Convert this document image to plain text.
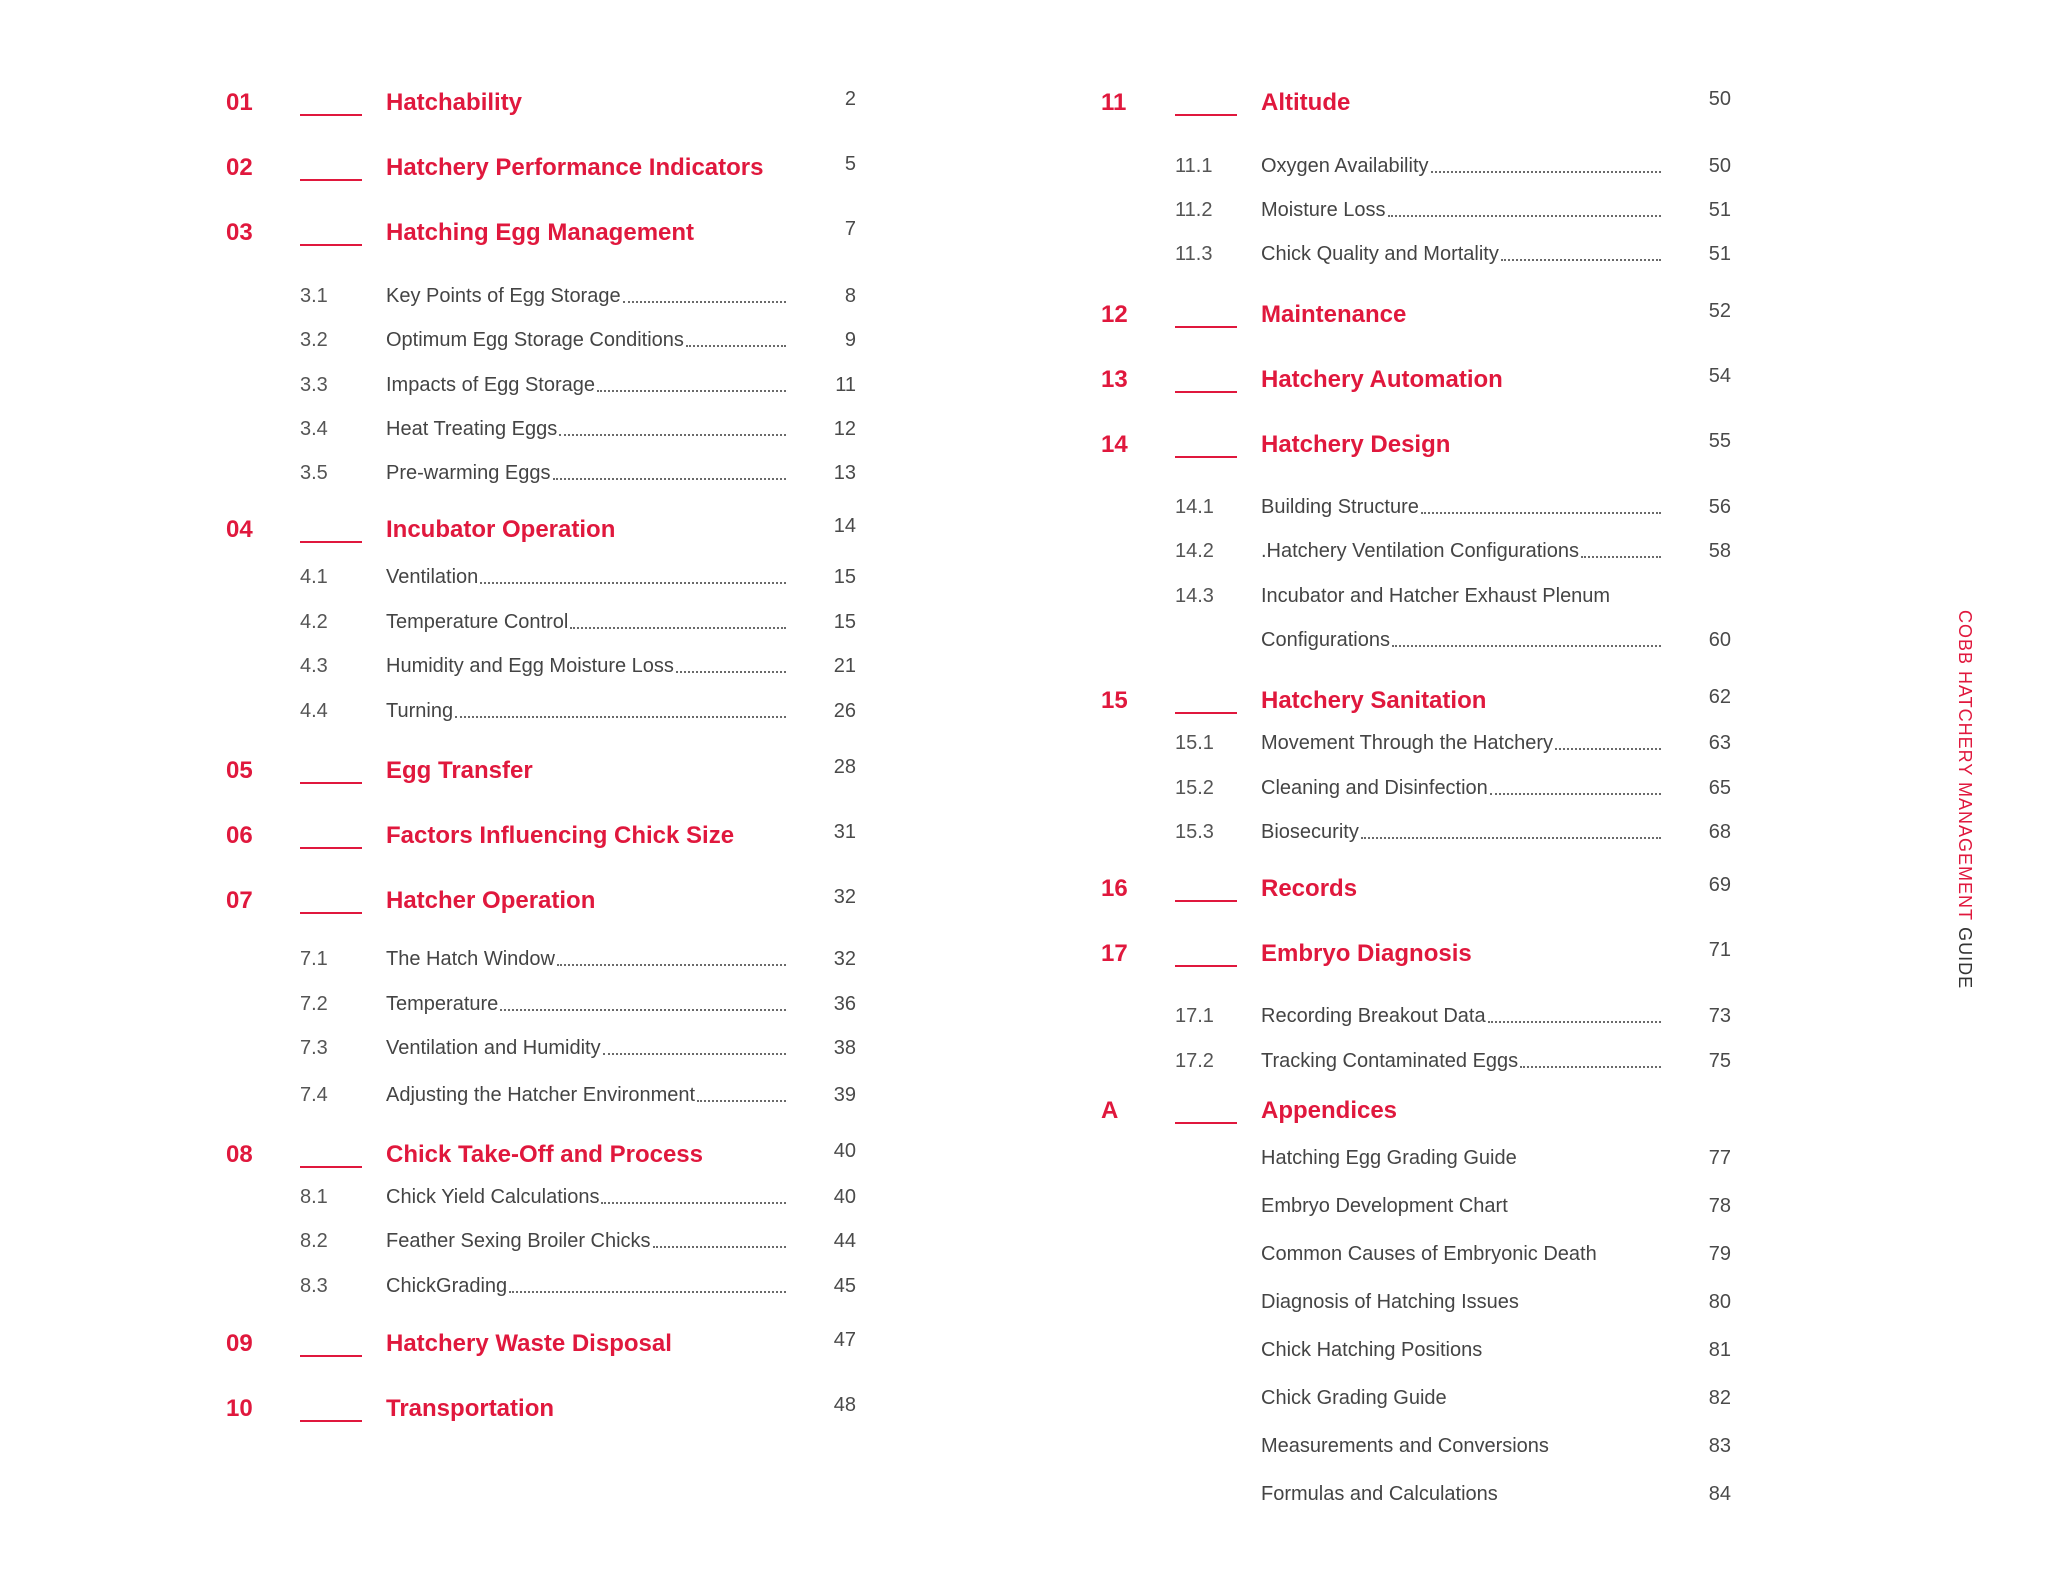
01	Hatchability	2
02	Hatchery Performance Indicators	5
03	Hatching Egg Management	7
3.1	Key Points of Egg Storage	8
3.2	Optimum Egg Storage Conditions	9
3.3	Impacts of Egg Storage	11
3.4	Heat Treating Eggs	12
3.5	Pre-warming Eggs	13
04	Incubator Operation	14
4.1	Ventilation	15
4.2	Temperature Control	15
4.3	Humidity and Egg Moisture Loss	21
4.4	Turning	26
05	Egg Transfer	28
06	Factors Influencing Chick Size	31
07	Hatcher Operation	32
7.1	The Hatch Window	32
7.2	Temperature	36
7.3	Ventilation and Humidity	38
7.4	Adjusting the Hatcher Environment	39
08	Chick Take-Off and Process	40
8.1	Chick Yield Calculations	40
8.2	Feather Sexing Broiler Chicks	44
8.3	ChickGrading	45
09	Hatchery Waste Disposal	47
10	Transportation	48
11	Altitude	50
11.1 Oxygen Availability	50
11.2 Moisture Loss	51
11.3 Chick Quality and Mortality	51
12	Maintenance	52
13	Hatchery Automation	54
14	Hatchery Design	55
14.1 Building Structure	56
14.2 .Hatchery Ventilation Configurations	58
14.3 Incubator and Hatcher Exhaust Plenum
Configurations	60
15	Hatchery Sanitation	62
15.1 Movement Through the Hatchery	63
15.2 Cleaning and Disinfection	65
15.3 Biosecurity	68
16	Records	69
17	Embryo Diagnosis	71
17.1 Recording Breakout Data	73
17.2 Tracking Contaminated Eggs	75
A	Appendices
Hatching Egg Grading Guide	77
Embryo Development Chart	78
Common Causes of Embryonic Death	79
Diagnosis of Hatching Issues	80
Chick Hatching Positions	81
Chick Grading Guide	82
Measurements and Conversions	83
Formulas and Calculations	84
COBB HATCHERY MANAGEMENT GUIDE
